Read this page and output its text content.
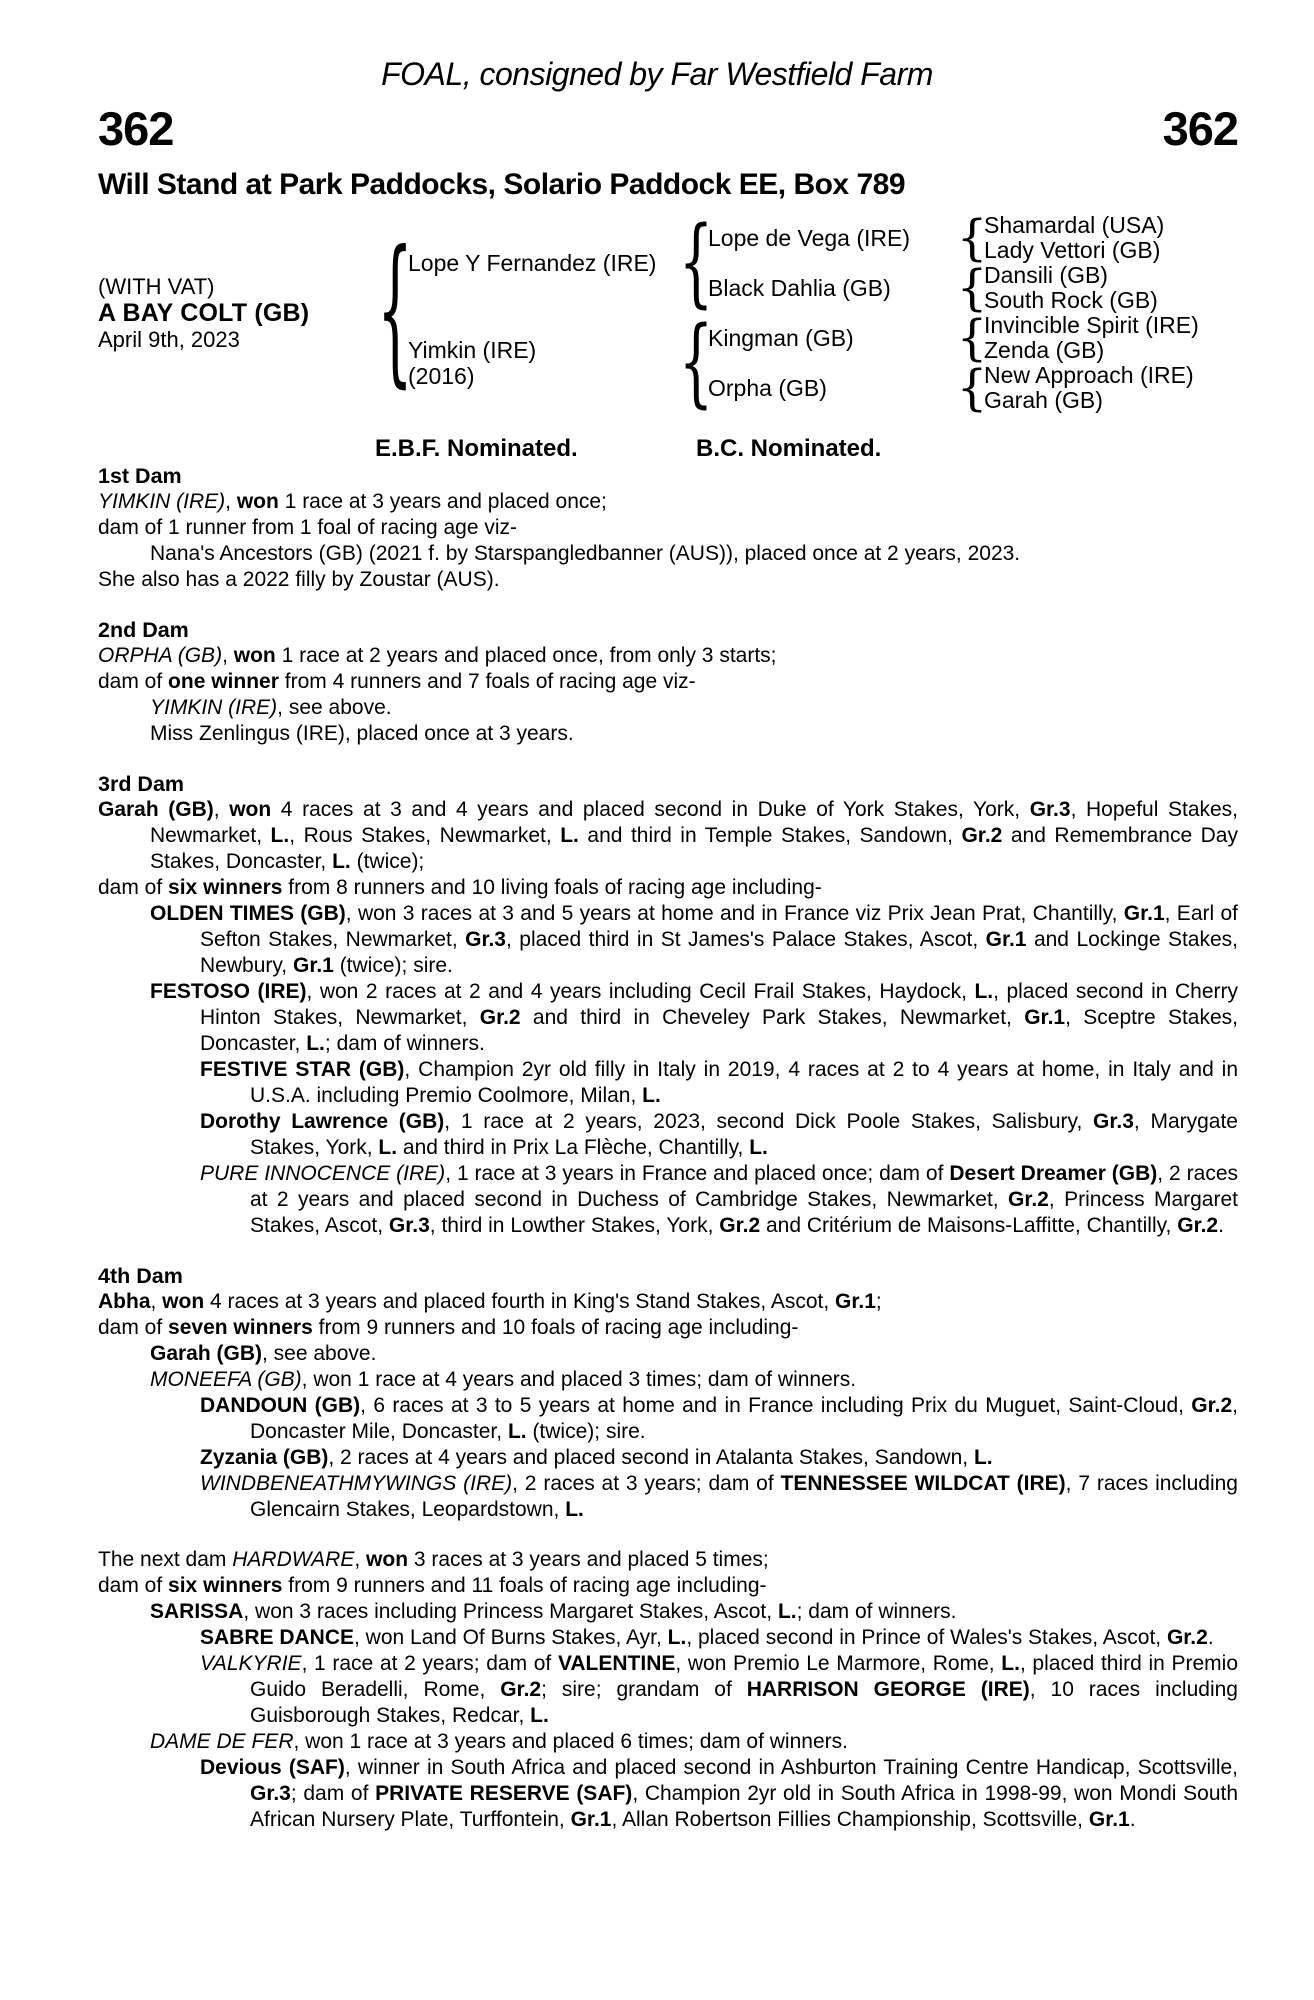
FOAL, consigned by Far Westfield Farm
362	362
Will Stand at Park Paddocks, Solario Paddock EE, Box 789
(WITH VAT)
A BAY COLT (GB)
April 9th, 2023	{
Lope Y Fernandez (IRE)
Yimkin (IRE)
(2016)
{
{
Lope de Vega (IRE)
Black Dahlia (GB)
Kingman (GB)
Orpha (GB)
{
{
{
{
Shamardal (USA)
Lady Vettori (GB)
Dansili (GB)
South Rock (GB)
Invincible Spirit (IRE)
Zenda (GB)
New Approach (IRE)
Garah (GB)
E.B.F. Nominated.	B.C. Nominated.
1st Dam

YIMKIN (IRE), won 1 race at 3 years and placed once;

dam of 1 runner from 1 foal of racing age viz-

Nana's Ancestors (GB) (2021 f. by Starspangledbanner (AUS)), placed once at 2 years, 2023.

She also has a 2022 filly by Zoustar (AUS).

2nd Dam

ORPHA (GB), won 1 race at 2 years and placed once, from only 3 starts;

dam of one winner from 4 runners and 7 foals of racing age viz-

YIMKIN (IRE), see above.

Miss Zenlingus (IRE), placed once at 3 years.

3rd Dam

Garah (GB), won 4 races at 3 and 4 years and placed second in Duke of York Stakes, York, Gr.3, Hopeful Stakes, Newmarket, L., Rous Stakes, Newmarket, L. and third in Temple Stakes, Sandown, Gr.2 and Remembrance Day Stakes, Doncaster, L. (twice);

dam of six winners from 8 runners and 10 living foals of racing age including-

OLDEN TIMES (GB), won 3 races at 3 and 5 years at home and in France viz Prix Jean Prat, Chantilly, Gr.1, Earl of Sefton Stakes, Newmarket, Gr.3, placed third in St James's Palace Stakes, Ascot, Gr.1 and Lockinge Stakes, Newbury, Gr.1 (twice); sire.

FESTOSO (IRE), won 2 races at 2 and 4 years including Cecil Frail Stakes, Haydock, L., placed second in Cherry Hinton Stakes, Newmarket, Gr.2 and third in Cheveley Park Stakes, Newmarket, Gr.1, Sceptre Stakes, Doncaster, L.; dam of winners.

FESTIVE STAR (GB), Champion 2yr old filly in Italy in 2019, 4 races at 2 to 4 years at home, in Italy and in U.S.A. including Premio Coolmore, Milan, L.

Dorothy Lawrence (GB), 1 race at 2 years, 2023, second Dick Poole Stakes, Salisbury, Gr.3, Marygate Stakes, York, L. and third in Prix La Flèche, Chantilly, L.

PURE INNOCENCE (IRE), 1 race at 3 years in France and placed once; dam of Desert Dreamer (GB), 2 races at 2 years and placed second in Duchess of Cambridge Stakes, Newmarket, Gr.2, Princess Margaret Stakes, Ascot, Gr.3, third in Lowther Stakes, York, Gr.2 and Critérium de Maisons-Laffitte, Chantilly, Gr.2.

4th Dam

Abha, won 4 races at 3 years and placed fourth in King's Stand Stakes, Ascot, Gr.1;

dam of seven winners from 9 runners and 10 foals of racing age including-

Garah (GB), see above.

MONEEFA (GB), won 1 race at 4 years and placed 3 times; dam of winners.

DANDOUN (GB), 6 races at 3 to 5 years at home and in France including Prix du Muguet, Saint-Cloud, Gr.2, Doncaster Mile, Doncaster, L. (twice); sire.

Zyzania (GB), 2 races at 4 years and placed second in Atalanta Stakes, Sandown, L.

WINDBENEATHMYWINGS (IRE), 2 races at 3 years; dam of TENNESSEE WILDCAT (IRE), 7 races including Glencairn Stakes, Leopardstown, L.

The next dam HARDWARE, won 3 races at 3 years and placed 5 times;

dam of six winners from 9 runners and 11 foals of racing age including-

SARISSA, won 3 races including Princess Margaret Stakes, Ascot, L.; dam of winners.

SABRE DANCE, won Land Of Burns Stakes, Ayr, L., placed second in Prince of Wales's Stakes, Ascot, Gr.2.

VALKYRIE, 1 race at 2 years; dam of VALENTINE, won Premio Le Marmore, Rome, L., placed third in Premio Guido Beradelli, Rome, Gr.2; sire; grandam of HARRISON GEORGE (IRE), 10 races including Guisborough Stakes, Redcar, L.

DAME DE FER, won 1 race at 3 years and placed 6 times; dam of winners.

Devious (SAF), winner in South Africa and placed second in Ashburton Training Centre Handicap, Scottsville, Gr.3; dam of PRIVATE RESERVE (SAF), Champion 2yr old in South Africa in 1998-99, won Mondi South African Nursery Plate, Turffontein, Gr.1, Allan Robertson Fillies Championship, Scottsville, Gr.1.
